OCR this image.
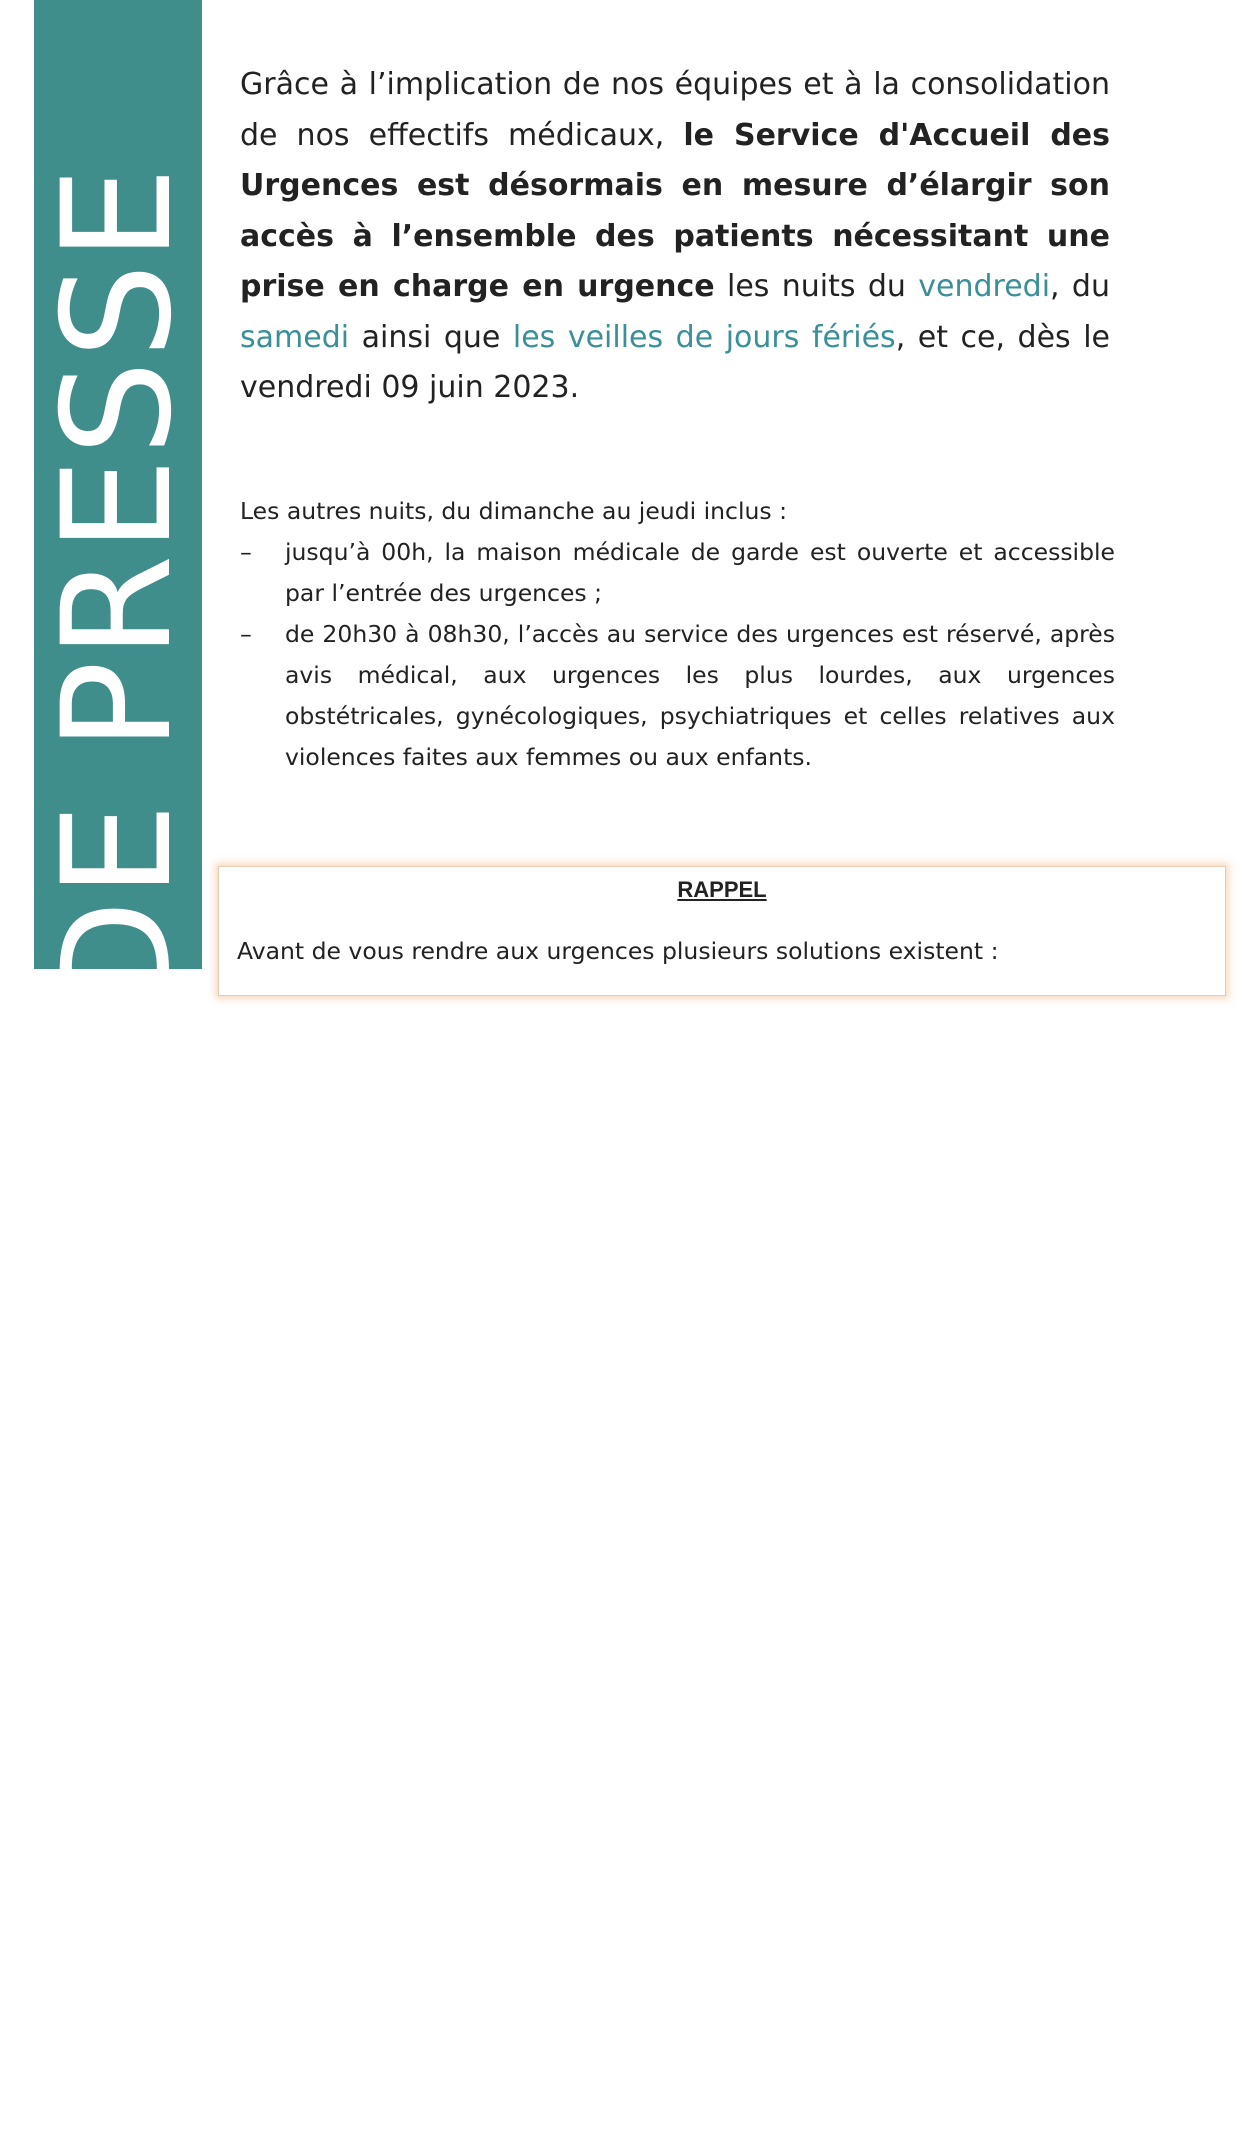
COMMUNIQUE DE PRESSE

Grâce à l’implication de nos équipes et à la consolidation de nos effectifs médicaux, le Service d'Accueil des Urgences est désormais en mesure d’élargir son accès à l’ensemble des patients nécessitant une prise en charge en urgence les nuits du vendredi, du samedi ainsi que les veilles de jours fériés, et ce, dès le vendredi 09 juin 2023.

Les autres nuits, du dimanche au jeudi inclus :

– jusqu’à 00h, la maison médicale de garde est ouverte et accessible par l’entrée des urgences ;
– de 20h30 à 08h30, l’accès au service des urgences est réservé, après avis médical, aux urgences les plus lourdes, aux urgences obstétricales, gynécologiques, psychiatriques et celles relatives aux violences faites aux femmes ou aux enfants.
RAPPEL

Avant de vous rendre aux urgences plusieurs solutions existent :
